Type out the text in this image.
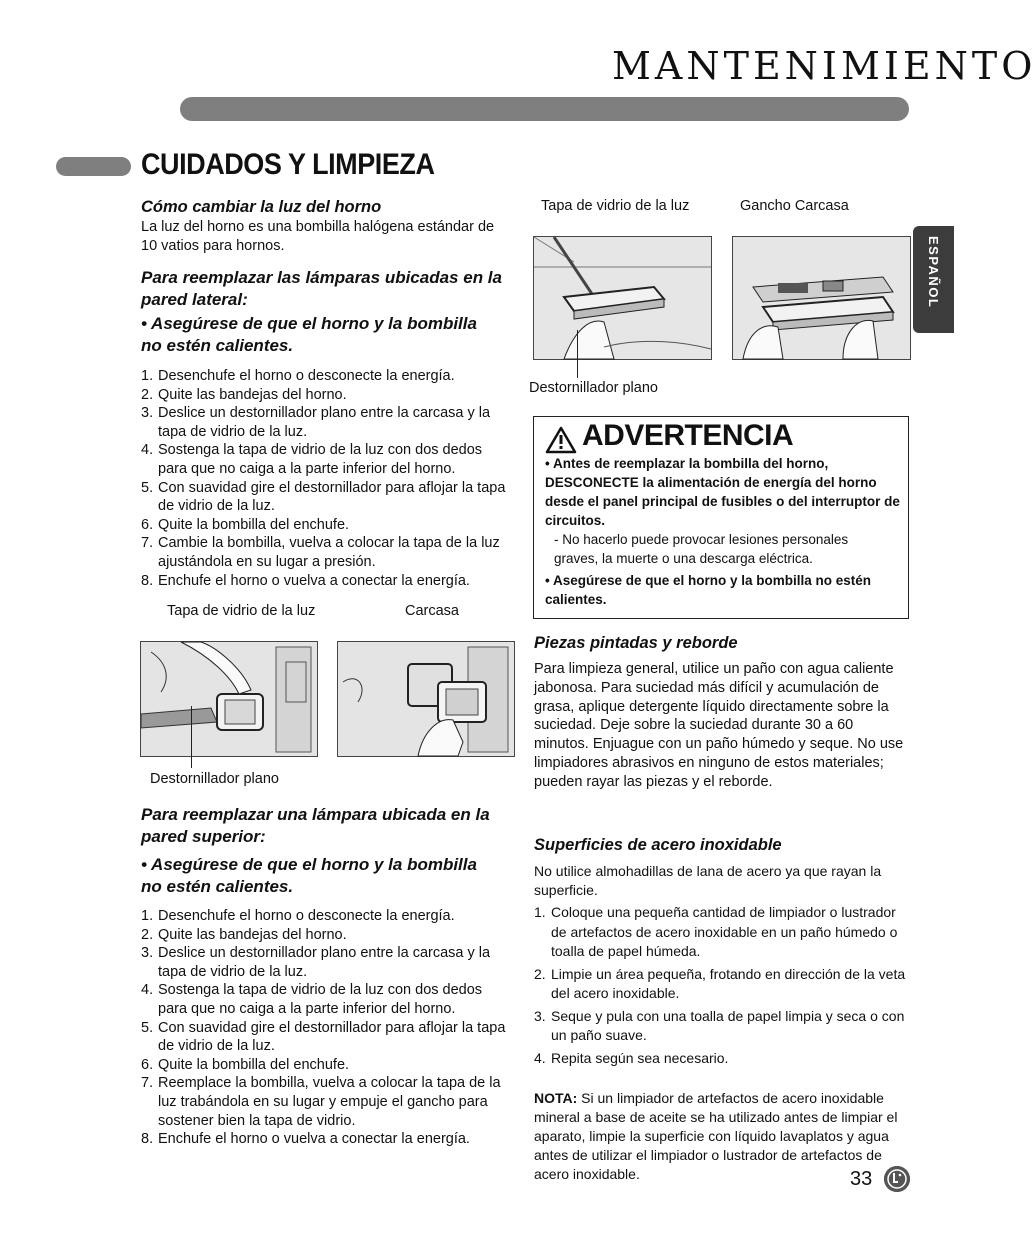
MANTENIMIENTO
CUIDADOS Y LIMPIEZA
ESPAÑOL
Cómo cambiar la luz del horno
La luz del horno es una bombilla halógena estándar de 10 vatios para hornos.
Para reemplazar las lámparas ubicadas en la pared lateral:
• Asegúrese de que el horno y la bombilla no estén calientes.
1. Desenchufe el horno o desconecte la energía.
2. Quite las bandejas del horno.
3. Deslice un destornillador plano entre la carcasa y la tapa de vidrio de la luz.
4. Sostenga la tapa de vidrio de la luz con dos dedos para que no caiga a la parte inferior del horno.
5. Con suavidad gire el destornillador para aflojar la tapa de vidrio de la luz.
6. Quite la bombilla del enchufe.
7. Cambie la bombilla, vuelva a colocar la tapa de la luz ajustándola en su lugar a presión.
8. Enchufe el horno o vuelva a conectar la energía.
Tapa de vidrio de la luz	Carcasa
Destornillador plano
Para reemplazar una lámpara ubicada en la pared superior:
• Asegúrese de que el horno y la bombilla no estén calientes.
1. Desenchufe el horno o desconecte la energía.
2. Quite las bandejas del horno.
3. Deslice un destornillador plano entre la carcasa y la tapa de vidrio de la luz.
4. Sostenga la tapa de vidrio de la luz con dos dedos para que no caiga a la parte inferior del horno.
5. Con suavidad gire el destornillador para aflojar la tapa de vidrio de la luz.
6. Quite la bombilla del enchufe.
7. Reemplace la bombilla, vuelva a colocar la tapa de la luz trabándola en su lugar y empuje el gancho para sostener bien la tapa de vidrio.
8. Enchufe el horno o vuelva a conectar la energía.
Tapa de vidrio de la luz	Gancho Carcasa
Destornillador plano
ADVERTENCIA
• Antes de reemplazar la bombilla del horno, DESCONECTE la alimentación de energía del horno desde el panel principal de fusibles o del interruptor de circuitos.
- No hacerlo puede provocar lesiones personales graves, la muerte o una descarga eléctrica.
• Asegúrese de que el horno y la bombilla no estén calientes.
Piezas pintadas y reborde
Para limpieza general, utilice un paño con agua caliente jabonosa. Para suciedad más difícil y acumulación de grasa, aplique detergente líquido directamente sobre la suciedad. Deje sobre la suciedad durante 30 a 60 minutos. Enjuague con un paño húmedo y seque. No use limpiadores abrasivos en ninguno de estos materiales; pueden rayar las piezas y el reborde.
Superficies de acero inoxidable
No utilice almohadillas de lana de acero ya que rayan la superficie.
1. Coloque una pequeña cantidad de limpiador o lustrador de artefactos de acero inoxidable en un paño húmedo o toalla de papel húmeda.
2. Limpie un área pequeña, frotando en dirección de la veta del acero inoxidable.
3. Seque y pula con una toalla de papel limpia y seca o con un paño suave.
4. Repita según sea necesario.
NOTA: Si un limpiador de artefactos de acero inoxidable mineral a base de aceite se ha utilizado antes de limpiar el aparato, limpie la superficie con líquido lavaplatos y agua antes de utilizar el limpiador o lustrador de artefactos de acero inoxidable.	33
